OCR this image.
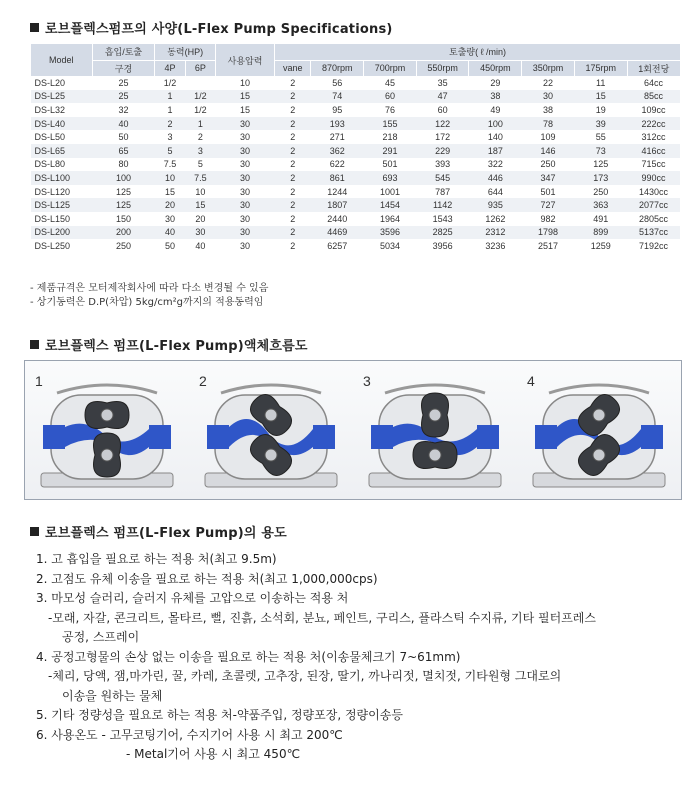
로브플렉스펌프의 사양(L-Flex Pump Specifications)
Model	흡입/토출	동력(HP)		사용압력	토출량( ℓ /min)							
	구경	4P	6P		vane	870rpm	700rpm	550rpm	450rpm	350rpm	175rpm	1회전당
DS-L20	25	1/2		10	2	56	45	35	29	22	11	64cc
DS-L25	25	1	1/2	15	2	74	60	47	38	30	15	85cc
DS-L32	32	1	1/2	15	2	95	76	60	49	38	19	109cc
DS-L40	40	2	1	30	2	193	155	122	100	78	39	222cc
DS-L50	50	3	2	30	2	271	218	172	140	109	55	312cc
DS-L65	65	5	3	30	2	362	291	229	187	146	73	416cc
DS-L80	80	7.5	5	30	2	622	501	393	322	250	125	715cc
DS-L100	100	10	7.5	30	2	861	693	545	446	347	173	990cc
DS-L120	125	15	10	30	2	1244	1001	787	644	501	250	1430cc
DS-L125	125	20	15	30	2	1807	1454	1142	935	727	363	2077cc
DS-L150	150	30	20	30	2	2440	1964	1543	1262	982	491	2805cc
DS-L200	200	40	30	30	2	4469	3596	2825	2312	1798	899	5137cc
DS-L250	250	50	40	30	2	6257	5034	3956	3236	2517	1259	7192cc
- 제품규격은 모터제작회사에 따라 다소 변경될 수 있음
- 상기동력은 D.P(차압) 5kg/cm²g까지의 적용동력임
로브플렉스 펌프(L-Flex Pump)액체흐름도
1	2	3	4
로브플렉스 펌프(L-Flex Pump)의 용도
1. 고 흡입을 필요로 하는 적용 처(최고 9.5m)
2. 고점도 유체 이송을 필요로 하는 적용 처(최고 1,000,000cps)
3. 마모성 슬러리, 슬러지 유체를 고압으로 이송하는 적용 처
-모래, 자갈, 콘크리트, 몰타르, 뻘, 진흙, 소석회, 분뇨, 페인트, 구리스, 플라스틱 수지류, 기타 필터프레스
공정, 스프레이
4. 공정고형물의 손상 없는 이송을 필요로 하는 적용 처(이송물체크기 7~61mm)
-체리, 당액, 잼,마가린, 꿀, 카레, 초콜렛, 고추장, 된장, 딸기, 까나리젓, 멸치젓, 기타원형 그대로의
이송을 원하는 물체
5. 기타 정량성을 필요로 하는 적용 처-약품주입, 정량포장, 정량이송등
6. 사용온도 - 고무코팅기어, 수지기어 사용 시 최고 200℃
- Metal기어 사용 시 최고 450℃
